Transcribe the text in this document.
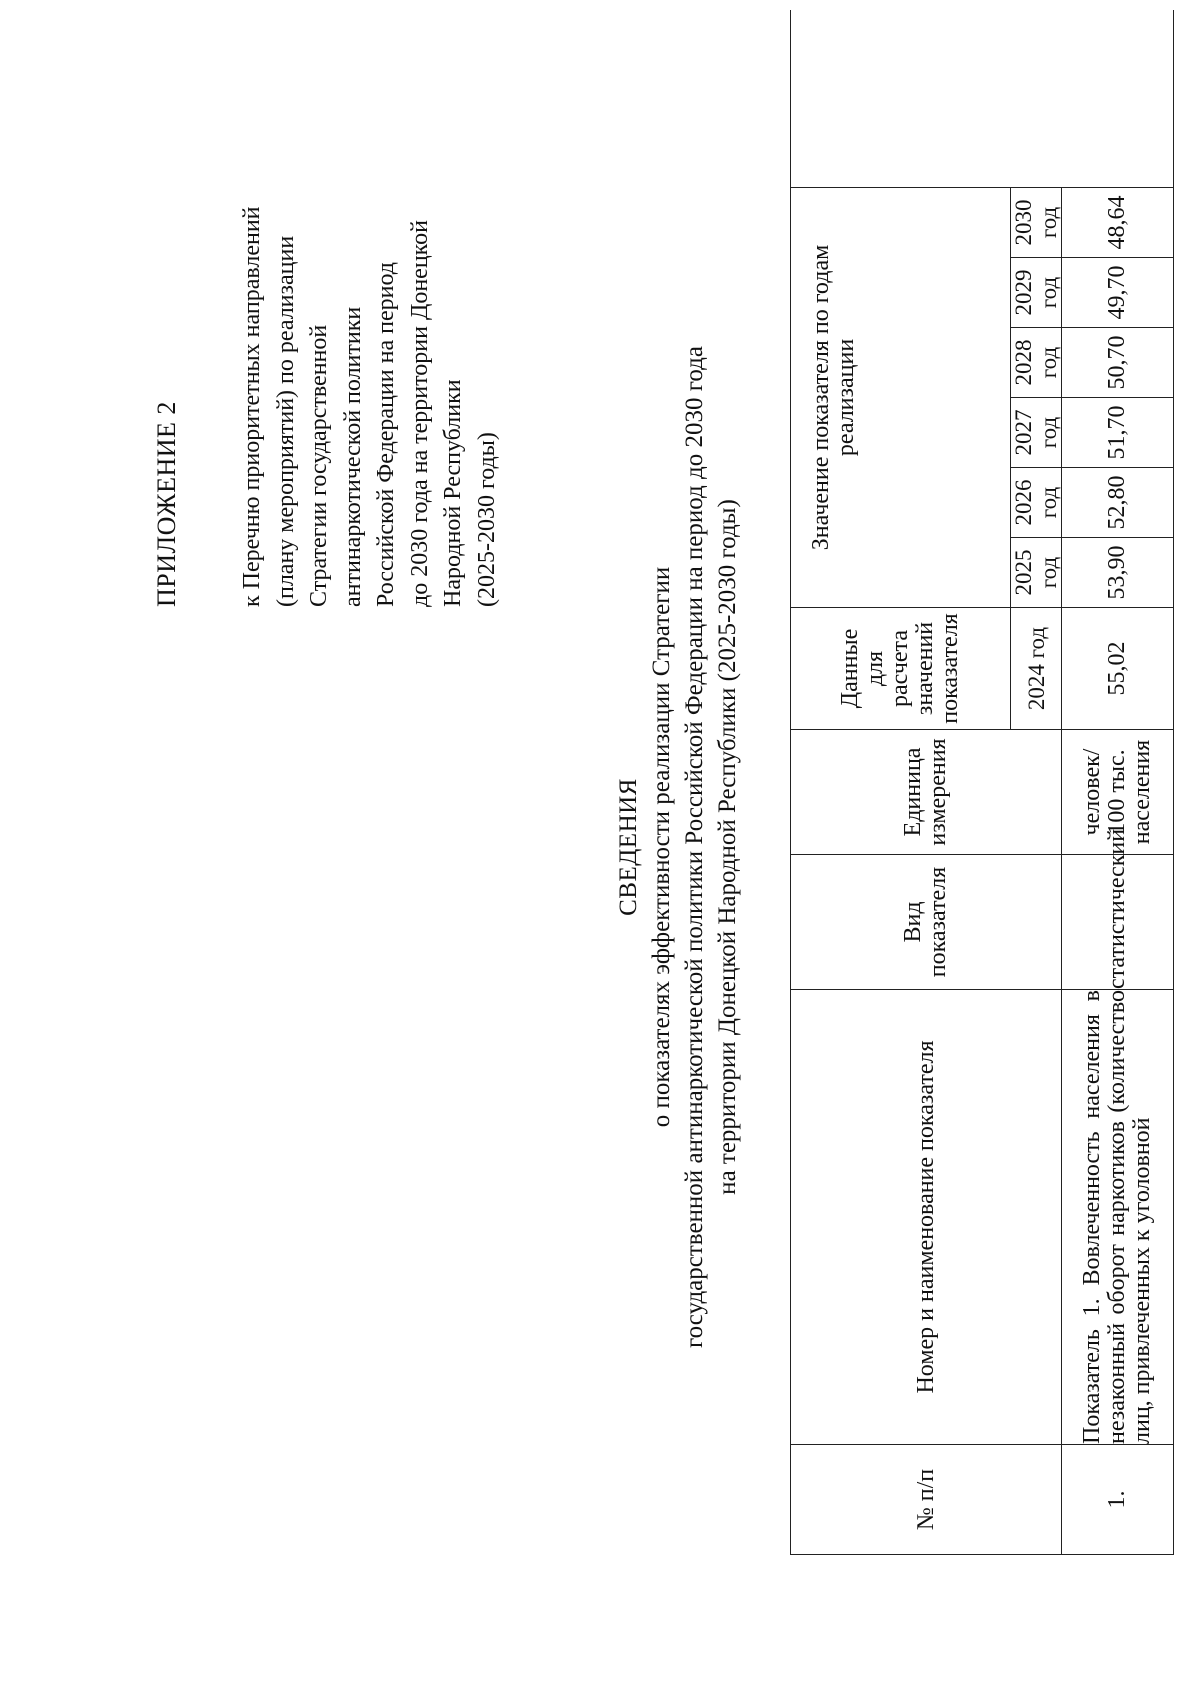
ПРИЛОЖЕНИЕ 2 к Перечню приоритетных направлений (плану мероприятий) по реализации Стратегии государственной антинаркотической политики Российской Федерации на период до 2030 года на территории Донецкой Народной Республики (2025-2030 годы)
СВЕДЕНИЯ о показателях эффективности реализации Стратегии государственной антинаркотической политики Российской Федерации на период до 2030 года на территории Донецкой Народной Республики (2025-2030 годы)
№ п/п	Номер и наименование показателя	Вид показателя	Единица измерения	Данные для расчета значений показателя	Значение показателя по годам реализации						
				2024 год	2025 год	2026 год	2027 год	2028 год	2029 год	2030 год	
1.	Показатель 1. Вовлеченность населения в незаконный оборот наркотиков (количество лиц, привлеченных к уголовной	статистический	человек/ 100 тыс. населения	55,02	53,90	52,80	51,70	50,70	49,70	48,64	
